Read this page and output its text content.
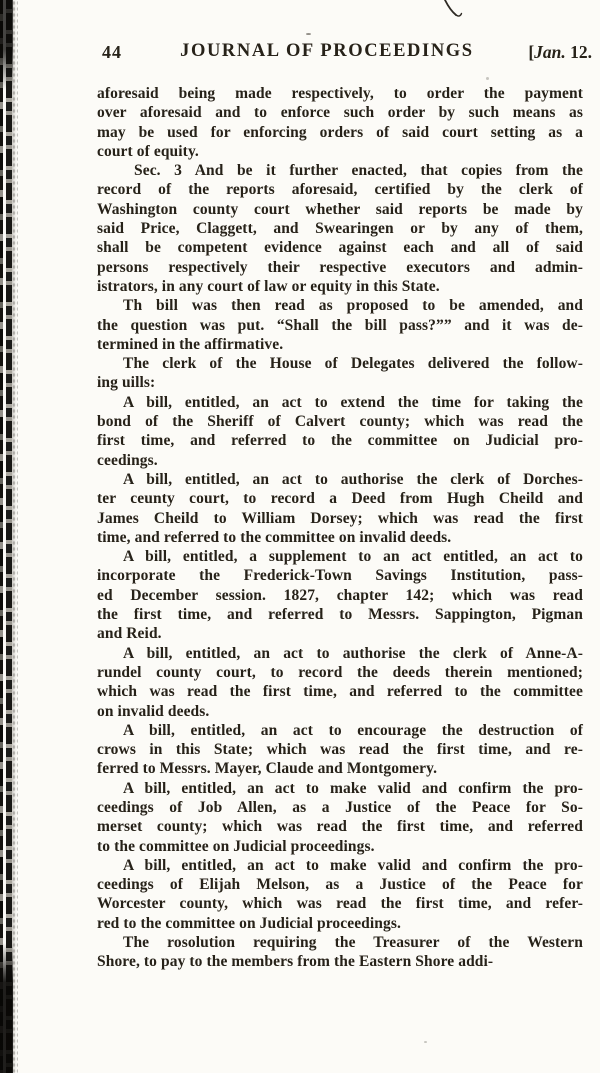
44	JOURNAL OF PROCEEDINGS	[Jan. 12.

aforesaid being made respectively, to order the payment
over aforesaid and to enforce such order by such means as
may be used for enforcing orders of said court setting as a
court of equity.

Sec. 3 And be it further enacted, that copies from the
record of the reports aforesaid, certified by the clerk of
Washington county court whether said reports be made by
said Price, Claggett, and Swearingen or by any of them,
shall be competent evidence against each and all of said
persons respectively their respective executors and admin-
istrators, in any court of law or equity in this State.

Th bill was then read as proposed to be amended, and
the question was put. “Shall the bill pass?”” and it was de-
termined in the affirmative.

The clerk of the House of Delegates delivered the follow-
ing uills:

A bill, entitled, an act to extend the time for taking the
bond of the Sheriff of Calvert county; which was read the
first time, and referred to the committee on Judicial pro-
ceedings.

A bill, entitled, an act to authorise the clerk of Dorches-
ter ceunty court, to record a Deed from Hugh Cheild and
James Cheild to William Dorsey; which was read the first
time, and referred to the committee on invalid deeds.

A bill, entitled, a supplement to an act entitled, an act to
incorporate the Frederick-Town Savings Institution, pass-
ed December session. 1827, chapter 142; which was read
the first time, and referred to Messrs. Sappington, Pigman
and Reid.

A bill, entitled, an act to authorise the clerk of Anne-A-
rundel county court, to record the deeds therein mentioned;
which was read the first time, and referred to the committee
on invalid deeds.

A bill, entitled, an act to encourage the destruction of
crows in this State; which was read the first time, and re-
ferred to Messrs. Mayer, Claude and Montgomery.

A bill, entitled, an act to make valid and confirm the pro-
ceedings of Job Allen, as a Justice of the Peace for So-
merset county; which was read the first time, and referred
to the committee on Judicial proceedings.

A bill, entitled, an act to make valid and confirm the pro-
ceedings of Elijah Melson, as a Justice of the Peace for
Worcester county, which was read the first time, and refer-
red to the committee on Judicial proceedings.

The rosolution requiring the Treasurer of the Western
Shore, to pay to the members from the Eastern Shore addi-
